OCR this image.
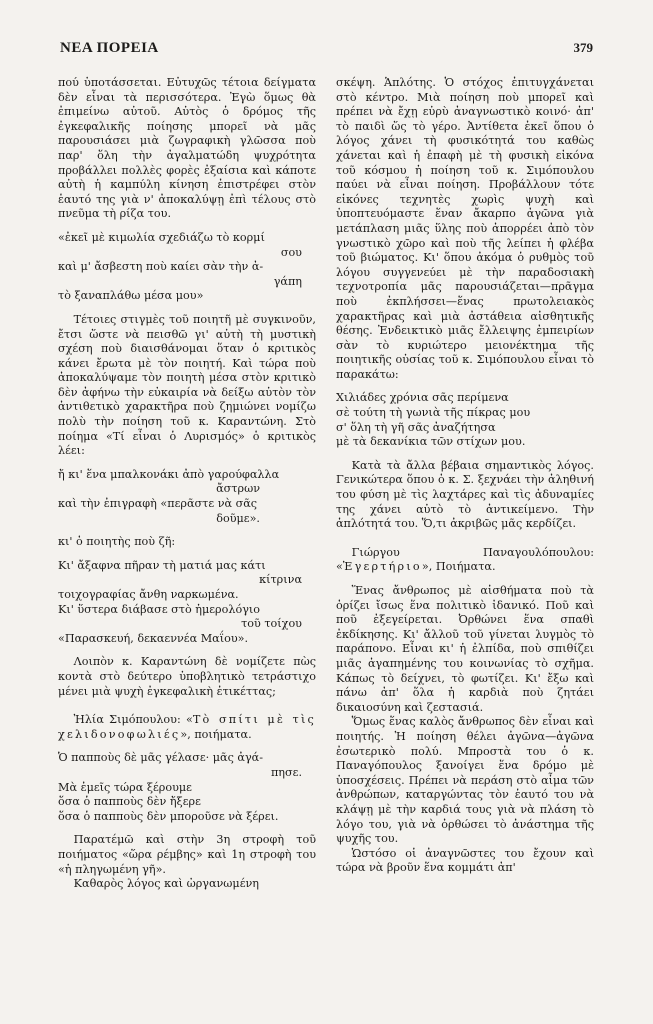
ΝΕΑ ΠΟΡΕΙΑ	379

πού ὑποτάσσεται. Εὐτυχῶς τέτοια δείγματα δὲν εἶναι τὰ περισσότερα. Ἐγὼ ὅμως θὰ ἐπιμείνω αὐτοῦ. Αὐτὸς ὁ δρόμος τῆς ἐγκεφαλικῆς ποίησης μπορεῖ νὰ μᾶς παρουσιάσει μιὰ ζωγραφικὴ γλῶσσα ποὺ παρ' ὅλη τὴν ἀγαλματώδη ψυχρότητα προβάλλει πολλὲς φορὲς ἐξαίσια καὶ κάποτε αὐτὴ ἡ καμπύλη κίνηση ἐπιστρέφει στὸν ἑαυτό της γιὰ ν' ἀποκαλύψῃ ἐπὶ τέλους στὸ πνεῦμα τὴ ρίζα του.

«ἐκεῖ μὲ κιμωλία σχεδιάζω τὸ κορμί
σου
καὶ μ' ἄσβεστη ποὺ καίει σὰν τὴν ἀ-
γάπη
τὸ ξαναπλάθω μέσα μου»

Τέτοιες στιγμὲς τοῦ ποιητῆ μὲ συγκινοῦν, ἔτσι ὥστε νὰ πεισθῶ γι' αὐτὴ τὴ μυστικὴ σχέση ποὺ διαισθάνομαι ὅταν ὁ κριτικὸς κάνει ἔρωτα μὲ τὸν ποιητή. Καὶ τώρα ποὺ ἀποκαλύψαμε τὸν ποιητὴ μέσα στὸν κριτικὸ δὲν ἀφήνω τὴν εὐκαιρία νὰ δείξω αὐτὸν τὸν ἀντιθετικὸ χαρακτῆρα ποὺ ζημιώνει νομίζω πολὺ τὴν ποίηση τοῦ κ. Καραντώνη. Στὸ ποίημα «Τί εἶναι ὁ Λυρισμός» ὁ κριτικὸς λέει:

ἤ κι' ἕνα μπαλκονάκι ἀπὸ γαρούφαλλα
ἄστρων
καὶ τὴν ἐπιγραφὴ «περᾶστε νὰ σᾶς
δοῦμε».

κι' ὁ ποιητὴς ποὺ ζῆ:

Κι' ἄξαφνα πῆραν τὴ ματιά μας κάτι
κίτρινα
τοιχογραφίας ἄνθη ναρκωμένα.
Κι' ὕστερα διάβασε στὸ ἡμερολόγιο
τοῦ τοίχου
«Παρασκευή, δεκαεννέα Μαΐου».

Λοιπὸν κ. Καραντώνη δὲ νομίζετε πὼς κοντὰ στὸ δεύτερο ὑποβλητικὸ τετράστιχο μένει μιὰ ψυχὴ ἐγκεφαλικὴ ἐτικέττας;

Ἠλία Σιμόπουλου: «Τὸ σπίτι μὲ τὶς χελιδονοφωλιές», ποιήματα.

Ὁ παπποὺς δὲ μᾶς γέλασε· μᾶς ἀγά-
πησε.
Μὰ ἐμεῖς τώρα ξέρουμε
ὅσα ὁ παπποὺς δὲν ἤξερε
ὅσα ὁ παπποὺς δὲν μποροῦσε νὰ ξέρει.

Παρατέμῶ καὶ στὴν 3η στροφὴ τοῦ ποιήματος «ὥρα ρέμβης» καὶ 1η στροφὴ του «ἡ πληγωμένη γῆ».

Καθαρὸς λόγος καὶ ὠργανωμένη

σκέψη. Ἁπλότης. Ὁ στόχος ἐπιτυγχάνεται στὸ κέντρο. Μιὰ ποίηση ποὺ μπορεῖ καὶ πρέπει νὰ ἔχῃ εὐρὺ ἀναγνωστικὸ κοινό· ἀπ' τὸ παιδὶ ὥς τὸ γέρο. Ἀντίθετα ἐκεῖ ὅπου ὁ λόγος χάνει τὴ φυσικότητά του καθὼς χάνεται καὶ ἡ ἐπαφὴ μὲ τὴ φυσικὴ εἰκόνα τοῦ κόσμου ἡ ποίηση τοῦ κ. Σιμόπουλου παύει νὰ εἶναι ποίηση. Προβάλλουν τότε εἰκόνες τεχνητὲς χωρὶς ψυχὴ καὶ ὑποπτευόμαστε ἕναν ἄκαρπο ἀγῶνα γιὰ μετάπλαση μιᾶς ὕλης ποὺ ἀπορρέει ἀπὸ τὸν γνωστικὸ χῶρο καὶ ποὺ τῆς λείπει ἡ φλέβα τοῦ βιώματος. Κι' ὅπου ἀκόμα ὁ ρυθμὸς τοῦ λόγου συγγενεύει μὲ τὴν παραδοσιακὴ τεχνοτροπία μᾶς παρουσιάζεται—πρᾶγμα ποὺ ἐκπλήσσει—ἕνας πρωτολειακὸς χαρακτῆρας καὶ μιὰ ἀστάθεια αἰσθητικῆς θέσης. Ἐνδεικτικὸ μιᾶς ἔλλειψης ἐμπειρίων σὰν τὸ κυριώτερο μειονέκτημα τῆς ποιητικῆς οὐσίας τοῦ κ. Σιμόπουλου εἶναι τὸ παρακάτω:

Χιλιάδες χρόνια σᾶς περίμενα
σὲ τούτη τὴ γωνιὰ τῆς πίκρας μου
σ' ὅλη τὴ γῆ σᾶς ἀναζήτησα
μὲ τὰ δεκανίκια τῶν στίχων μου.

Κατὰ τὰ ἄλλα βέβαια σημαντικὸς λόγος. Γενικώτερα ὅπου ὁ κ. Σ. ξεχνάει τὴν ἀληθινή του φύση μὲ τὶς λαχτάρες καὶ τὶς ἀδυναμίες της χάνει αὐτὸ τὸ ἀντικείμενο. Τὴν ἁπλότητά του. Ὅ,τι ἀκριβῶς μᾶς κερδίζει.

Γιώργου Παναγουλόπουλου: «Ἐγερτήριο», Ποιήματα.

Ἕνας ἄνθρωπος μὲ αἰσθήματα ποὺ τὰ ὁρίζει ἴσως ἕνα πολιτικὸ ἰδανικό. Ποῦ καὶ ποῦ ἐξεγείρεται. Ὀρθώνει ἕνα σπαθὶ ἐκδίκησης. Κι' ἄλλοῦ τοῦ γίνεται λυγμὸς τὸ παράπονο. Εἶναι κι' ἡ ἐλπίδα, ποὺ σπιθίζει μιᾶς ἀγαπημένης του κοινωνίας τὸ σχῆμα. Κάπως τὸ δείχνει, τὸ φωτίζει. Κι' ἔξω καὶ πάνω ἀπ' ὅλα ἡ καρδιὰ ποὺ ζητάει δικαιοσύνη καὶ ζεστασιά.

Ὅμως ἕνας καλὸς ἄνθρωπος δὲν εἶναι καὶ ποιητής. Ἡ ποίηση θέλει ἀγῶνα—ἀγῶνα ἐσωτερικὸ πολύ. Μπροστὰ του ὁ κ. Παναγόπουλος ξανοίγει ἕνα δρόμο μὲ ὑποσχέσεις. Πρέπει νὰ περάση στὸ αἷμα τῶν ἀνθρώπων, καταργώντας τὸν ἑαυτό του νὰ κλάψῃ μὲ τὴν καρδιά τους γιὰ νὰ πλάση τὸ λόγο του, γιὰ νὰ ὀρθώσει τὸ ἀνάστημα τῆς ψυχῆς του.

Ὡστόσο οἱ ἀναγνῶστες του ἔχουν καὶ τώρα νὰ βροῦν ἕνα κομμάτι ἀπ'
